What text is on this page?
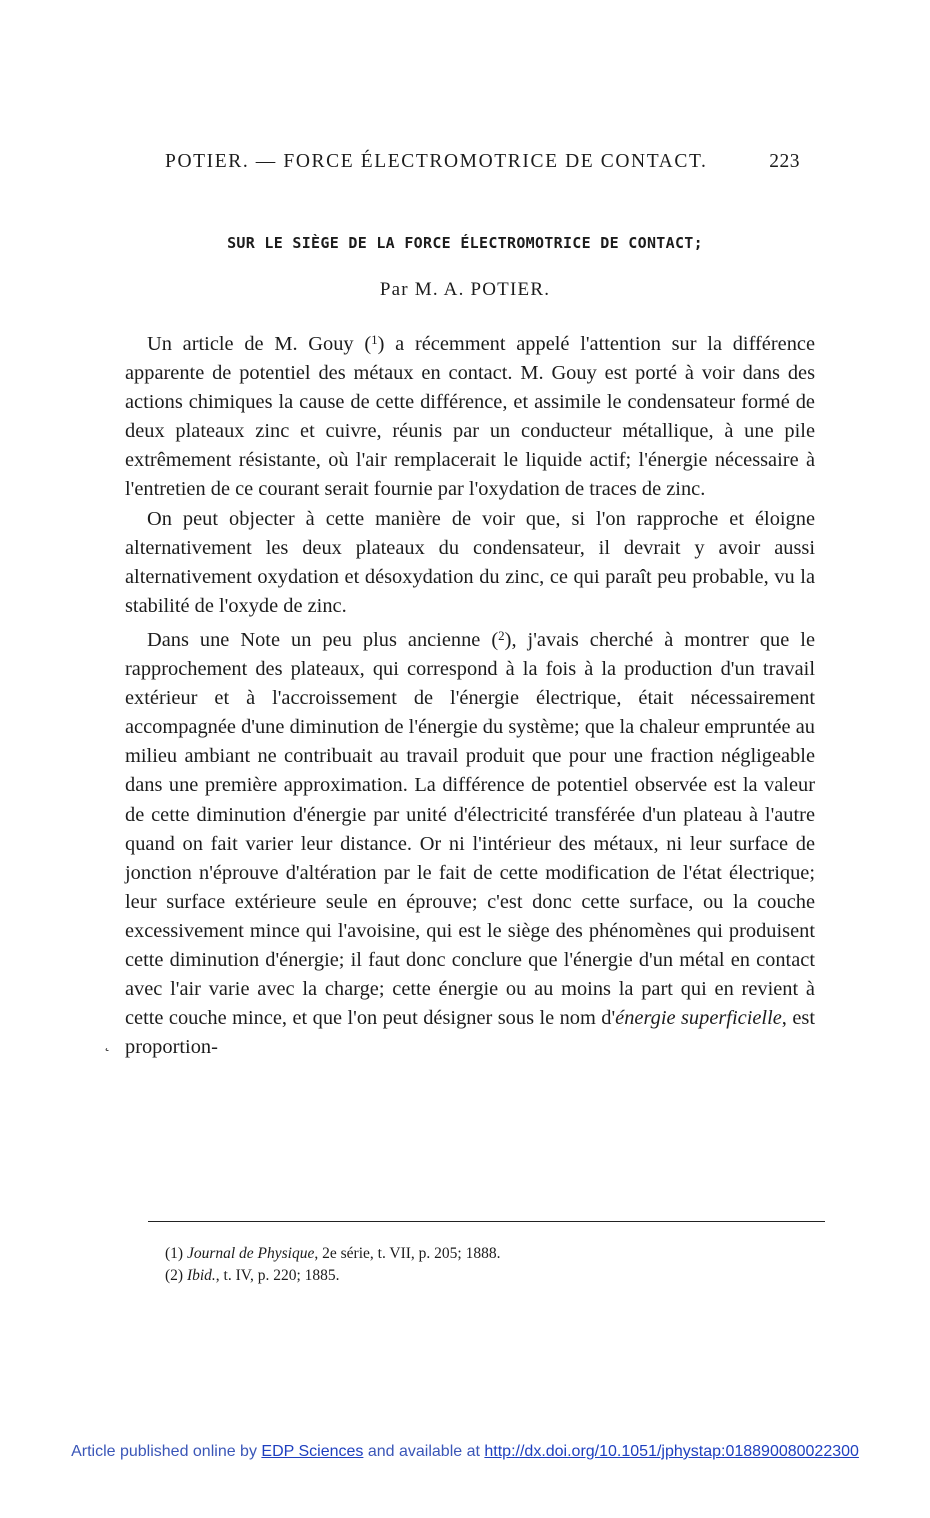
POTIER. — FORCE ÉLECTROMOTRICE DE CONTACT.	223
SUR LE SIÈGE DE LA FORCE ÉLECTROMOTRICE DE CONTACT;
Par M. A. POTIER.

Un article de M. Gouy ($^1$) a récemment appelé l'attention sur la différence apparente de potentiel des métaux en contact. M. Gouy est porté à voir dans des actions chimiques la cause de cette différence, et assimile le condensateur formé de deux plateaux zinc et cuivre, réunis par un conducteur métallique, à une pile extrêmement résistante, où l'air remplacerait le liquide actif; l'énergie nécessaire à l'entretien de ce courant serait fournie par l'oxydation de traces de zinc.

On peut objecter à cette manière de voir que, si l'on rapproche et éloigne alternativement les deux plateaux du condensateur, il devrait y avoir aussi alternativement oxydation et désoxydation du zinc, ce qui paraît peu probable, vu la stabilité de l'oxyde de zinc.

Dans une Note un peu plus ancienne ($^2$), j'avais cherché à montrer que le rapprochement des plateaux, qui correspond à la fois à la production d'un travail extérieur et à l'accroissement de l'énergie électrique, était nécessairement accompagnée d'une diminution de l'énergie du système; que la chaleur empruntée au milieu ambiant ne contribuait au travail produit que pour une fraction négligeable dans une première approximation. La différence de potentiel observée est la valeur de cette diminution d'énergie par unité d'électricité transférée d'un plateau à l'autre quand on fait varier leur distance. Or ni l'intérieur des métaux, ni leur surface de jonction n'éprouve d'altération par le fait de cette modification de l'état électrique; leur surface extérieure seule en éprouve; c'est donc cette surface, ou la couche excessivement mince qui l'avoisine, qui est le siège des phénomènes qui produisent cette diminution d'énergie; il faut donc conclure que l'énergie d'un métal en contact avec l'air varie avec la charge; cette énergie ou au moins la part qui en revient à cette couche mince, et que l'on peut désigner sous le nom d'énergie superficielle, est proportion-

˛

(1) Journal de Physique, 2e série, t. VII, p. 205; 1888.

(2) Ibid., t. IV, p. 220; 1885.

Article published online by EDP Sciences and available at http://dx.doi.org/10.1051/jphystap:018890080022300
